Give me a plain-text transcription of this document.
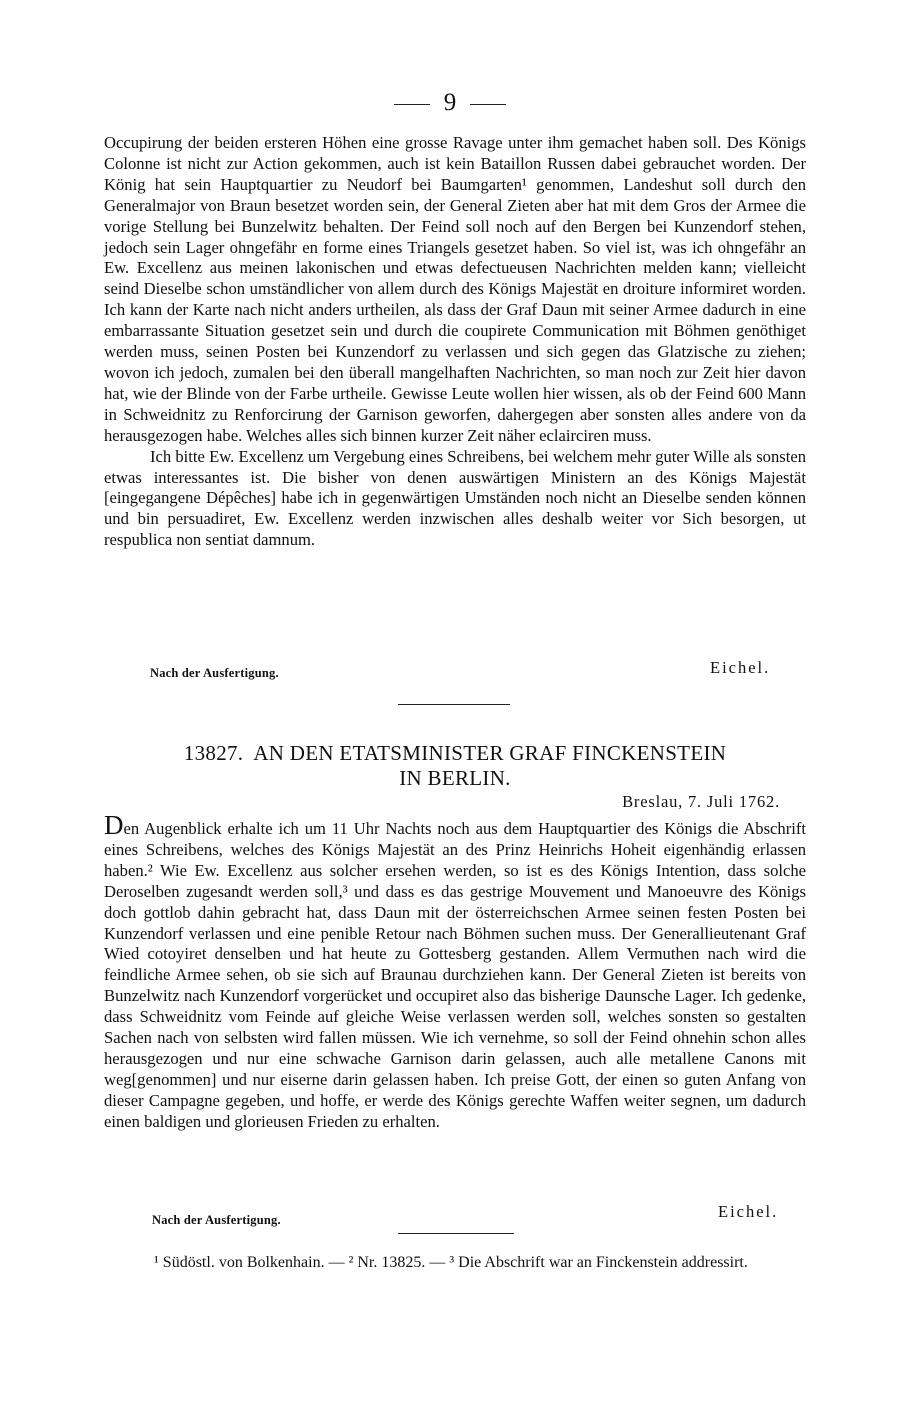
9

Occupirung der beiden ersteren Höhen eine grosse Ravage unter ihm gemachet haben soll. Des Königs Colonne ist nicht zur Action gekommen, auch ist kein Bataillon Russen dabei gebrauchet worden. Der König hat sein Hauptquartier zu Neudorf bei Baumgarten¹ genommen, Landeshut soll durch den Generalmajor von Braun besetzet worden sein, der General Zieten aber hat mit dem Gros der Armee die vorige Stellung bei Bunzelwitz behalten. Der Feind soll noch auf den Bergen bei Kunzendorf stehen, jedoch sein Lager ohngefähr en forme eines Triangels gesetzet haben. So viel ist, was ich ohngefähr an Ew. Excellenz aus meinen lakonischen und etwas defectueusen Nachrichten melden kann; vielleicht seind Dieselbe schon umständlicher von allem durch des Königs Majestät en droiture informiret worden. Ich kann der Karte nach nicht anders urtheilen, als dass der Graf Daun mit seiner Armee dadurch in eine embarrassante Situation gesetzet sein und durch die coupirete Communication mit Böhmen genöthiget werden muss, seinen Posten bei Kunzendorf zu verlassen und sich gegen das Glatzische zu ziehen; wovon ich jedoch, zumalen bei den überall mangelhaften Nachrichten, so man noch zur Zeit hier davon hat, wie der Blinde von der Farbe urtheile. Gewisse Leute wollen hier wissen, als ob der Feind 600 Mann in Schweidnitz zu Renforcirung der Garnison geworfen, dahergegen aber sonsten alles andere von da herausgezogen habe. Welches alles sich binnen kurzer Zeit näher eclairciren muss.

Ich bitte Ew. Excellenz um Vergebung eines Schreibens, bei welchem mehr guter Wille als sonsten etwas interessantes ist. Die bisher von denen auswärtigen Ministern an des Königs Majestät [eingegangene Dépêches] habe ich in gegenwärtigen Umständen noch nicht an Dieselbe senden können und bin persuadiret, Ew. Excellenz werden inzwischen alles deshalb weiter vor Sich besorgen, ut respublica non sentiat damnum.

Nach der Ausfertigung.	Eichel.
13827. AN DEN ETATSMINISTER GRAF FINCKENSTEIN
IN BERLIN.
Breslau, 7. Juli 1762.

Den Augenblick erhalte ich um 11 Uhr Nachts noch aus dem Hauptquartier des Königs die Abschrift eines Schreibens, welches des Königs Majestät an des Prinz Heinrichs Hoheit eigenhändig erlassen haben.² Wie Ew. Excellenz aus solcher ersehen werden, so ist es des Königs Intention, dass solche Deroselben zugesandt werden soll,³ und dass es das gestrige Mouvement und Manoeuvre des Königs doch gottlob dahin gebracht hat, dass Daun mit der österreichschen Armee seinen festen Posten bei Kunzendorf verlassen und eine penible Retour nach Böhmen suchen muss. Der Generallieutenant Graf Wied cotoyiret denselben und hat heute zu Gottesberg gestanden. Allem Vermuthen nach wird die feindliche Armee sehen, ob sie sich auf Braunau durchziehen kann. Der General Zieten ist bereits von Bunzelwitz nach Kunzendorf vorgerücket und occupiret also das bisherige Daunsche Lager. Ich gedenke, dass Schweidnitz vom Feinde auf gleiche Weise verlassen werden soll, welches sonsten so gestalten Sachen nach von selbsten wird fallen müssen. Wie ich vernehme, so soll der Feind ohnehin schon alles herausgezogen und nur eine schwache Garnison darin gelassen, auch alle metallene Canons mit weg[genommen] und nur eiserne darin gelassen haben. Ich preise Gott, der einen so guten Anfang von dieser Campagne gegeben, und hoffe, er werde des Königs gerechte Waffen weiter segnen, um dadurch einen baldigen und glorieusen Frieden zu erhalten.

Nach der Ausfertigung.	Eichel.
¹ Südöstl. von Bolkenhain. — ² Nr. 13825. — ³ Die Abschrift war an Finckenstein addressirt.
